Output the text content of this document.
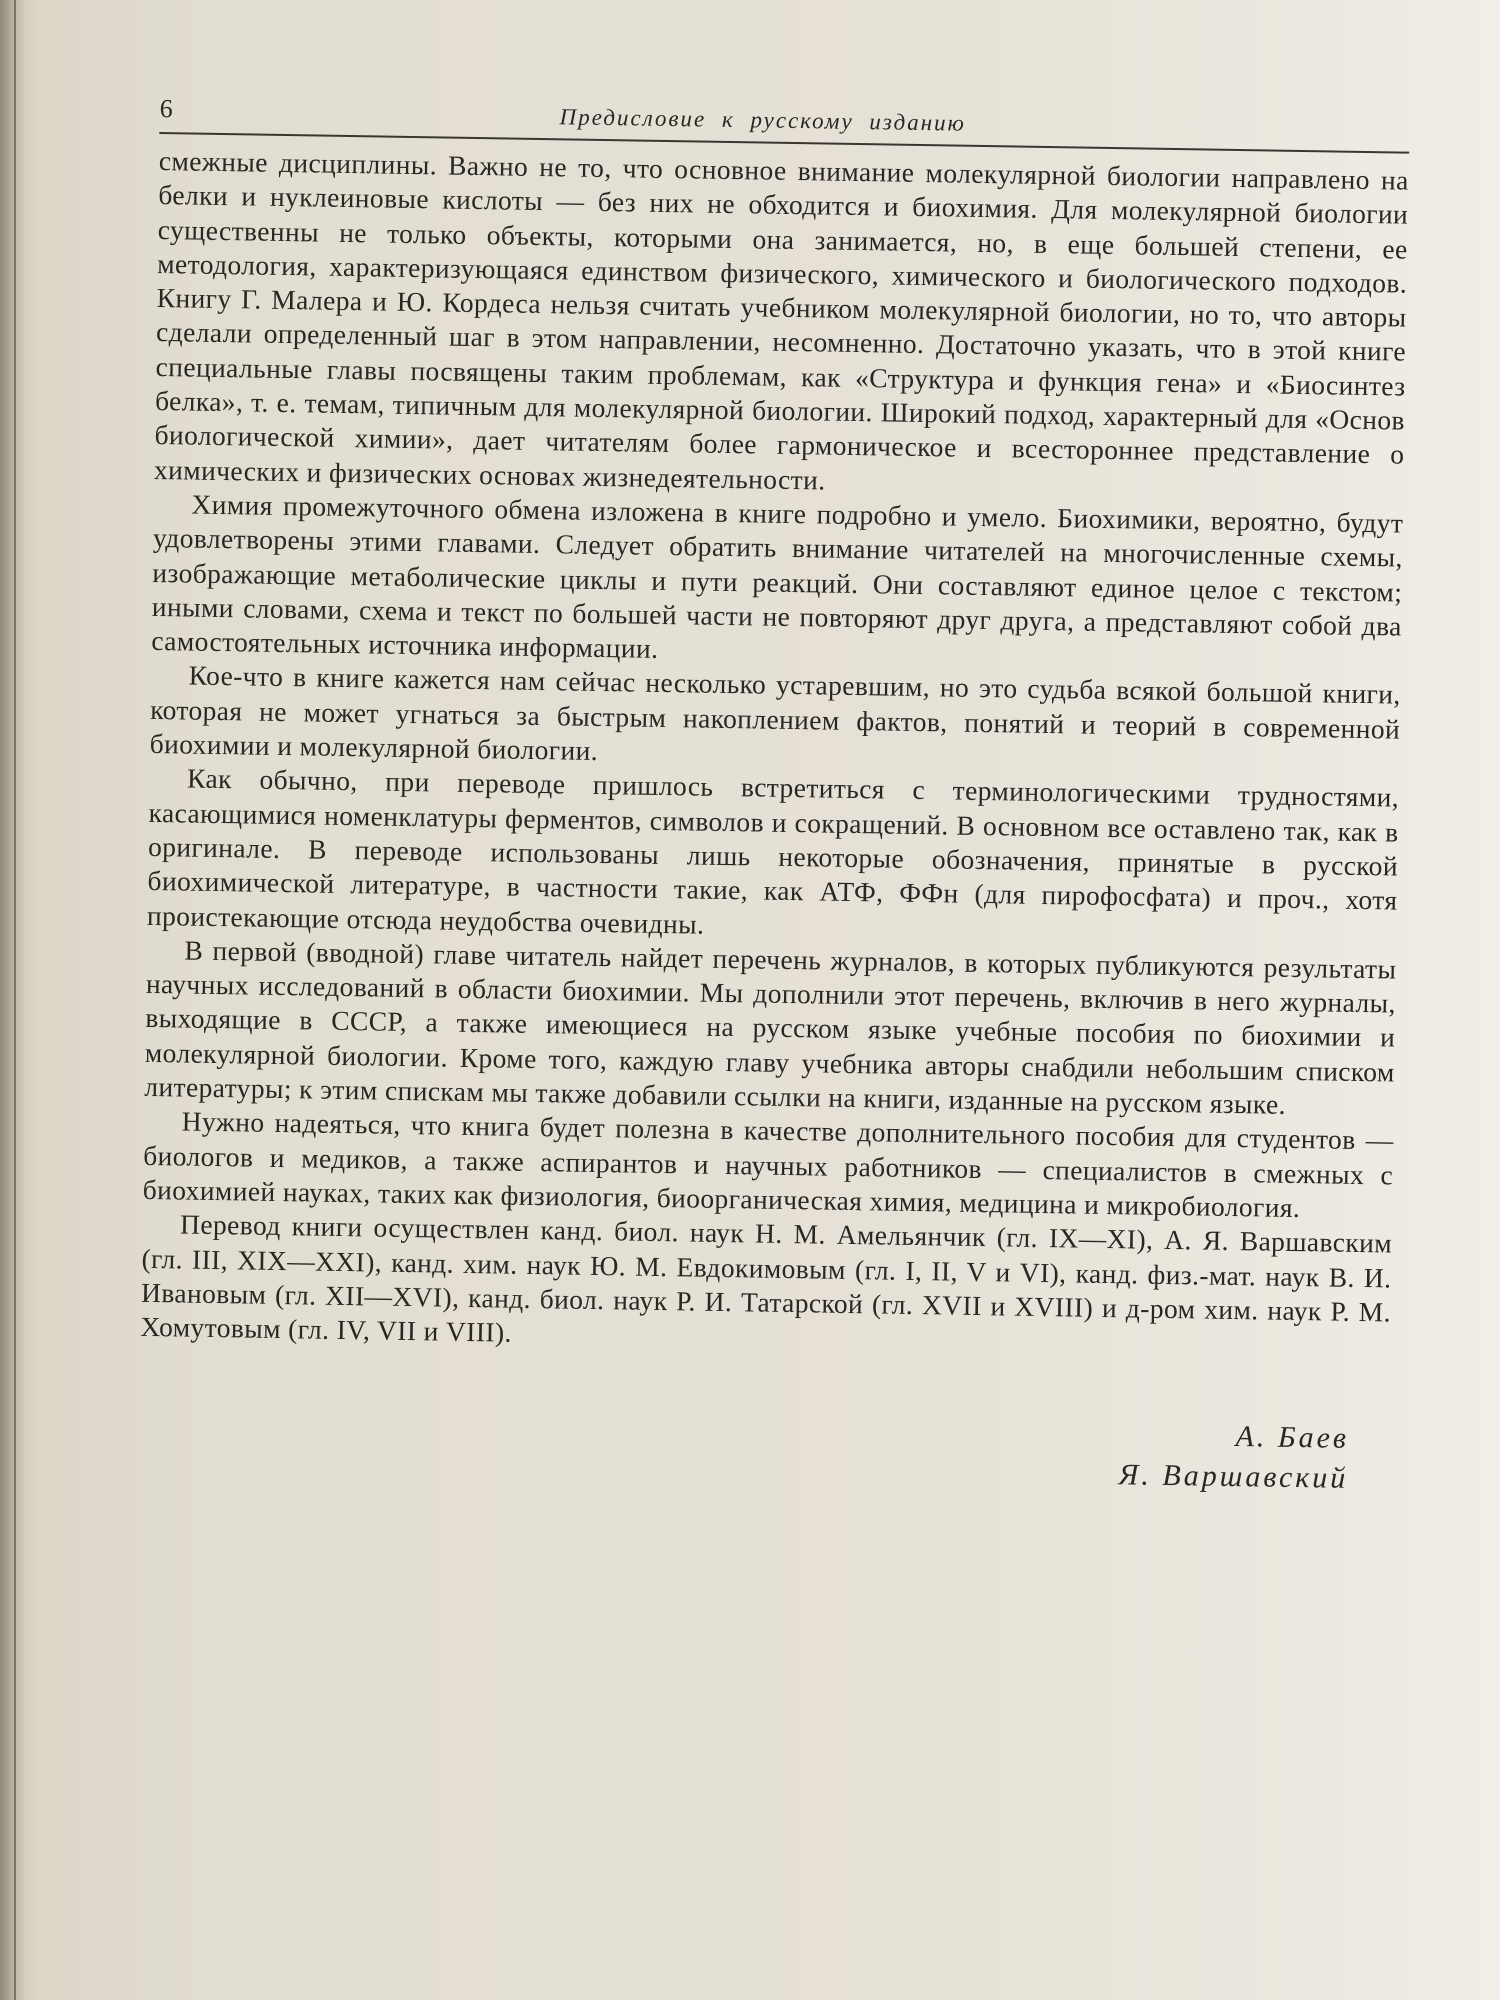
6	Предисловие к русскому изданию

смежные дисциплины. Важно не то, что основное внимание молекулярной биологии направлено на белки и нуклеиновые кислоты — без них не обходится и биохимия. Для молекулярной биологии существенны не только объекты, которыми она занимается, но, в еще большей степени, ее методология, характеризующаяся единством физического, химического и биологического подходов. Книгу Г. Малера и Ю. Кордеса нельзя считать учебником молекулярной биологии, но то, что авторы сделали определенный шаг в этом направлении, несомненно. Достаточно указать, что в этой книге специальные главы посвящены таким проблемам, как «Структура и функция гена» и «Биосинтез белка», т. е. темам, типичным для молекулярной биологии. Широкий подход, характерный для «Основ биологической химии», дает читателям более гармоническое и всестороннее представление о химических и физических основах жизнедеятельности.

Химия промежуточного обмена изложена в книге подробно и умело. Биохимики, вероятно, будут удовлетворены этими главами. Следует обратить внимание читателей на многочисленные схемы, изображающие метаболические циклы и пути реакций. Они составляют единое целое с текстом; иными словами, схема и текст по большей части не повторяют друг друга, а представляют собой два самостоятельных источника информации.

Кое-что в книге кажется нам сейчас несколько устаревшим, но это судьба всякой большой книги, которая не может угнаться за быстрым накоплением фактов, понятий и теорий в современной биохимии и молекулярной биологии.

Как обычно, при переводе пришлось встретиться с терминологическими трудностями, касающимися номенклатуры ферментов, символов и сокращений. В основном все оставлено так, как в оригинале. В переводе использованы лишь некоторые обозначения, принятые в русской биохимической литературе, в частности такие, как АТФ, ФФн (для пирофосфата) и проч., хотя проистекающие отсюда неудобства очевидны.

В первой (вводной) главе читатель найдет перечень журналов, в которых публикуются результаты научных исследований в области биохимии. Мы дополнили этот перечень, включив в него журналы, выходящие в СССР, а также имеющиеся на русском языке учебные пособия по биохимии и молекулярной биологии. Кроме того, каждую главу учебника авторы снабдили небольшим списком литературы; к этим спискам мы также добавили ссылки на книги, изданные на русском языке.

Нужно надеяться, что книга будет полезна в качестве дополнительного пособия для студентов — биологов и медиков, а также аспирантов и научных работников — специалистов в смежных с биохимией науках, таких как физиология, биоорганическая химия, медицина и микробиология.

Перевод книги осуществлен канд. биол. наук Н. М. Амельянчик (гл. IX—XI), А. Я. Варшавским (гл. III, XIX—XXI), канд. хим. наук Ю. М. Евдокимовым (гл. I, II, V и VI), канд. физ.-мат. наук В. И. Ивановым (гл. XII—XVI), канд. биол. наук Р. И. Татарской (гл. XVII и XVIII) и д-ром хим. наук Р. М. Хомутовым (гл. IV, VII и VIII).

А. Баев
Я. Варшавский
